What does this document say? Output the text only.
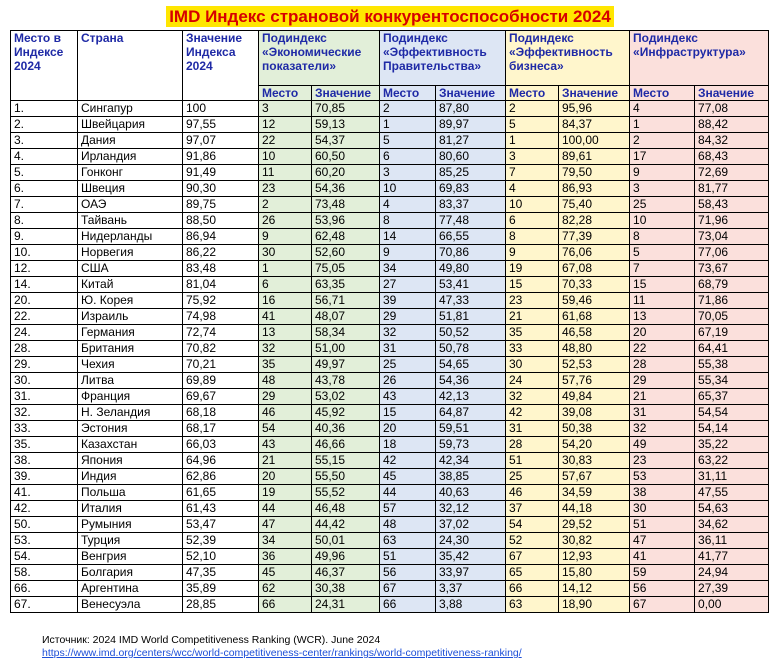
IMD Индекс страновой конкурентоспособности 2024
Место в Индексе 2024	Страна	Значение Индекса 2024	Подиндекс «Экономические показатели»		Подиндекс «Эффективность Правительства»		Подиндекс «Эффективность бизнеса»		Подиндекс «Инфраструктура»	
			Место	Значение	Место	Значение	Место	Значение	Место	Значение
1.	Сингапур	100	3	70,85	2	87,80	2	95,96	4	77,08
2.	Швейцария	97,55	12	59,13	1	89,97	5	84,37	1	88,42
3.	Дания	97,07	22	54,37	5	81,27	1	100,00	2	84,32
4.	Ирландия	91,86	10	60,50	6	80,60	3	89,61	17	68,43
5.	Гонконг	91,49	11	60,20	3	85,25	7	79,50	9	72,69
6.	Швеция	90,30	23	54,36	10	69,83	4	86,93	3	81,77
7.	ОАЭ	89,75	2	73,48	4	83,37	10	75,40	25	58,43
8.	Тайвань	88,50	26	53,96	8	77,48	6	82,28	10	71,96
9.	Нидерланды	86,94	9	62,48	14	66,55	8	77,39	8	73,04
10.	Норвегия	86,22	30	52,60	9	70,86	9	76,06	5	77,06
12.	США	83,48	1	75,05	34	49,80	19	67,08	7	73,67
14.	Китай	81,04	6	63,35	27	53,41	15	70,33	15	68,79
20.	Ю. Корея	75,92	16	56,71	39	47,33	23	59,46	11	71,86
22.	Израиль	74,98	41	48,07	29	51,81	21	61,68	13	70,05
24.	Германия	72,74	13	58,34	32	50,52	35	46,58	20	67,19
28.	Британия	70,82	32	51,00	31	50,78	33	48,80	22	64,41
29.	Чехия	70,21	35	49,97	25	54,65	30	52,53	28	55,38
30.	Литва	69,89	48	43,78	26	54,36	24	57,76	29	55,34
31.	Франция	69,67	29	53,02	43	42,13	32	49,84	21	65,37
32.	Н. Зеландия	68,18	46	45,92	15	64,87	42	39,08	31	54,54
33.	Эстония	68,17	54	40,36	20	59,51	31	50,38	32	54,14
35.	Казахстан	66,03	43	46,66	18	59,73	28	54,20	49	35,22
38.	Япония	64,96	21	55,15	42	42,34	51	30,83	23	63,22
39.	Индия	62,86	20	55,50	45	38,85	25	57,67	53	31,11
41.	Польша	61,65	19	55,52	44	40,63	46	34,59	38	47,55
42.	Италия	61,43	44	46,48	57	32,12	37	44,18	30	54,63
50.	Румыния	53,47	47	44,42	48	37,02	54	29,52	51	34,62
53.	Турция	52,39	34	50,01	63	24,30	52	30,82	47	36,11
54.	Венгрия	52,10	36	49,96	51	35,42	67	12,93	41	41,77
58.	Болгария	47,35	45	46,37	56	33,97	65	15,80	59	24,94
66.	Аргентина	35,89	62	30,38	67	3,37	66	14,12	56	27,39
67.	Венесуэла	28,85	66	24,31	66	3,88	63	18,90	67	0,00
Источник: 2024 IMD World Competitiveness Ranking (WCR). June 2024
https://www.imd.org/centers/wcc/world-competitiveness-center/rankings/world-competitiveness-ranking/
